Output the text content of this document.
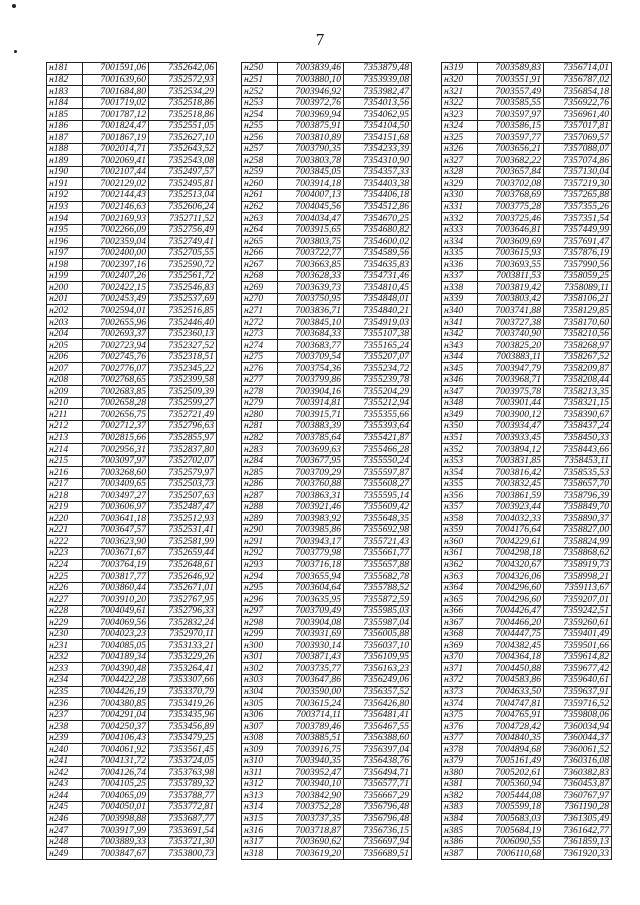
7
н181	7001591,06	7352642,06
н182	7001639,60	7352572,93
н183	7001684,80	7352534,29
н184	7001719,02	7352518,86
н185	7001787,12	7352518,86
н186	7001824,47	7352551,05
н187	7001867,19	7352627,10
н188	7002014,71	7352643,52
н189	7002069,41	7352543,08
н190	7002107,44	7352497,57
н191	7002129,02	7352495,81
н192	7002144,43	7352513,04
н193	7002146,63	7352606,24
н194	7002169,93	7352711,52
н195	7002266,09	7352756,49
н196	7002359,04	7352749,41
н197	7002400,00	7352705,55
н198	7002397,16	7352590,72
н199	7002407,26	7352561,72
н200	7002422,15	7352546,83
н201	7002453,49	7352537,69
н202	7002594,01	7352516,85
н203	7002655,96	7352446,40
н204	7002693,37	7352360,13
н205	7002723,94	7352327,52
н206	7002745,76	7352318,51
н207	7002776,07	7352345,22
н208	7002768,65	7352399,58
н209	7002683,85	7352509,39
н210	7002658,28	7352599,27
н211	7002656,75	7352721,49
н212	7002712,37	7352796,63
н213	7002815,66	7352855,97
н214	7002956,31	7352837,80
н215	7003097,97	7352702,07
н216	7003268,60	7352579,97
н217	7003409,65	7352503,73
н218	7003497,27	7352507,63
н219	7003606,97	7352487,47
н220	7003641,18	7352512,93
н221	7003647,57	7352531,41
н222	7003623,90	7352581,99
н223	7003671,67	7352659,44
н224	7003764,19	7352648,61
н225	7003817,77	7352646,92
н226	7003860,44	7352671,01
н227	7003910,20	7352767,95
н228	7004049,61	7352796,33
н229	7004069,56	7352832,24
н230	7004023,23	7352970,11
н231	7004085,05	7353133,21
н232	7004189,34	7353229,26
н233	7004390,48	7353264,41
н234	7004422,28	7353307,66
н235	7004426,19	7353370,79
н236	7004380,85	7353419,26
н237	7004291,04	7353435,96
н238	7004250,37	7353456,89
н239	7004106,43	7353479,25
н240	7004061,92	7353561,45
н241	7004131,72	7353724,05
н242	7004126,74	7353763,98
н243	7004105,25	7353789,32
н244	7004065,09	7353788,77
н245	7004050,01	7353772,81
н246	7003998,88	7353687,77
н247	7003917,99	7353691,54
н248	7003889,33	7353721,30
н249	7003847,67	7353800,73
н250	7003839,46	7353879,48
н251	7003880,10	7353939,08
н252	7003946,92	7353982,47
н253	7003972,76	7354013,56
н254	7003969,94	7354062,95
н255	7003875,91	7354104,50
н256	7003810,89	7354151,68
н257	7003790,35	7354233,39
н258	7003803,78	7354310,90
н259	7003845,05	7354357,33
н260	7003914,18	7354403,38
н261	7004007,13	7354406,18
н262	7004045,56	7354512,86
н263	7004034,47	7354670,25
н264	7003915,65	7354680,82
н265	7003803,75	7354600,02
н266	7003722,77	7354589,56
н267	7003663,85	7354635,83
н268	7003628,33	7354731,46
н269	7003639,73	7354810,45
н270	7003750,95	7354848,01
н271	7003836,71	7354840,21
н272	7003845,10	7354919,03
н273	7003684,33	7355107,38
н274	7003683,77	7355165,24
н275	7003709,54	7355207,07
н276	7003754,36	7355234,72
н277	7003799,86	7355239,78
н278	7003904,16	7355204,29
н279	7003914,81	7355212,94
н280	7003915,71	7355355,66
н281	7003883,39	7355393,64
н282	7003785,64	7355421,87
н283	7003699,63	7355466,28
н284	7003677,95	7355550,24
н285	7003709,29	7355597,87
н286	7003760,88	7355608,27
н287	7003863,31	7355595,14
н288	7003921,46	7355609,42
н289	7003983,92	7355648,35
н290	7003985,86	7355692,98
н291	7003943,17	7355721,43
н292	7003779,98	7355661,77
н293	7003716,18	7355657,88
н294	7003655,94	7355682,78
н295	7003604,64	7355788,52
н296	7003635,95	7355872,59
н297	7003709,49	7355985,03
н298	7003904,08	7355987,04
н299	7003931,69	7356005,88
н300	7003930,14	7356037,10
н301	7003871,43	7356109,95
н302	7003735,77	7356163,23
н303	7003647,86	7356249,06
н304	7003590,00	7356357,52
н305	7003615,24	7356426,80
н306	7003714,11	7356481,41
н307	7003789,46	7356467,55
н308	7003885,51	7356388,60
н309	7003916,75	7356397,04
н310	7003940,35	7356438,76
н311	7003952,47	7356494,71
н312	7003940,10	7356577,71
н313	7003842,90	7356667,29
н314	7003752,28	7356796,48
н315	7003737,35	7356796,48
н316	7003718,87	7356736,15
н317	7003690,62	7356697,94
н318	7003619,20	7356689,51
н319	7003589,83	7356714,01
н320	7003551,91	7356787,02
н321	7003557,49	7356854,18
н322	7003585,55	7356922,76
н323	7003597,97	7356961,40
н324	7003586,15	7357017,81
н325	7003597,77	7357069,57
н326	7003656,21	7357088,07
н327	7003682,22	7357074,86
н328	7003657,84	7357130,04
н329	7003702,08	7357219,30
н330	7003768,69	7357265,88
н331	7003775,28	7357355,26
н332	7003725,46	7357351,54
н333	7003646,81	7357449,99
н334	7003609,69	7357691,47
н335	7003615,93	7357876,19
н336	7003693,55	7357990,56
н337	7003811,53	7358059,25
н338	7003819,42	7358089,11
н339	7003803,42	7358106,21
н340	7003741,88	7358129,85
н341	7003727,38	7358170,60
н342	7003740,90	7358210,56
н343	7003825,20	7358268,97
н344	7003883,11	7358267,52
н345	7003947,79	7358209,87
н346	7003968,71	7358208,44
н347	7003975,78	7358213,35
н348	7003901,44	7358321,15
н349	7003900,12	7358390,67
н350	7003934,47	7358437,24
н351	7003933,45	7358450,33
н352	7003894,12	7358443,66
н353	7003831,85	7358453,11
н354	7003816,42	7358535,53
н355	7003832,45	7358657,70
н356	7003861,59	7358796,39
н357	7003923,44	7358849,70
н358	7004032,33	7358890,37
н359	7004176,64	7358827,00
н360	7004229,61	7358824,99
н361	7004298,18	7358868,62
н362	7004320,67	7358919,73
н363	7004326,06	7358998,21
н364	7004296,60	7359113,67
н365	7004296,60	7359207,01
н366	7004426,47	7359242,51
н367	7004466,20	7359260,61
н368	7004447,75	7359401,49
н369	7004382,45	7359501,66
н370	7004364,18	7359614,82
н371	7004450,88	7359677,42
н372	7004583,86	7359640,61
н373	7004633,50	7359637,91
н374	7004747,81	7359716,52
н375	7004765,91	7359808,06
н376	7004728,42	7360034,94
н377	7004840,35	7360044,37
н378	7004894,68	7360061,52
н379	7005161,49	7360316,08
н380	7005202,61	7360382,83
н381	7005360,94	7360453,87
н382	7005444,08	7360767,97
н383	7005599,18	7361190,28
н384	7005683,03	7361305,49
н385	7005684,19	7361642,77
н386	7006090,55	7361859,13
н387	7006110,68	7361920,33
